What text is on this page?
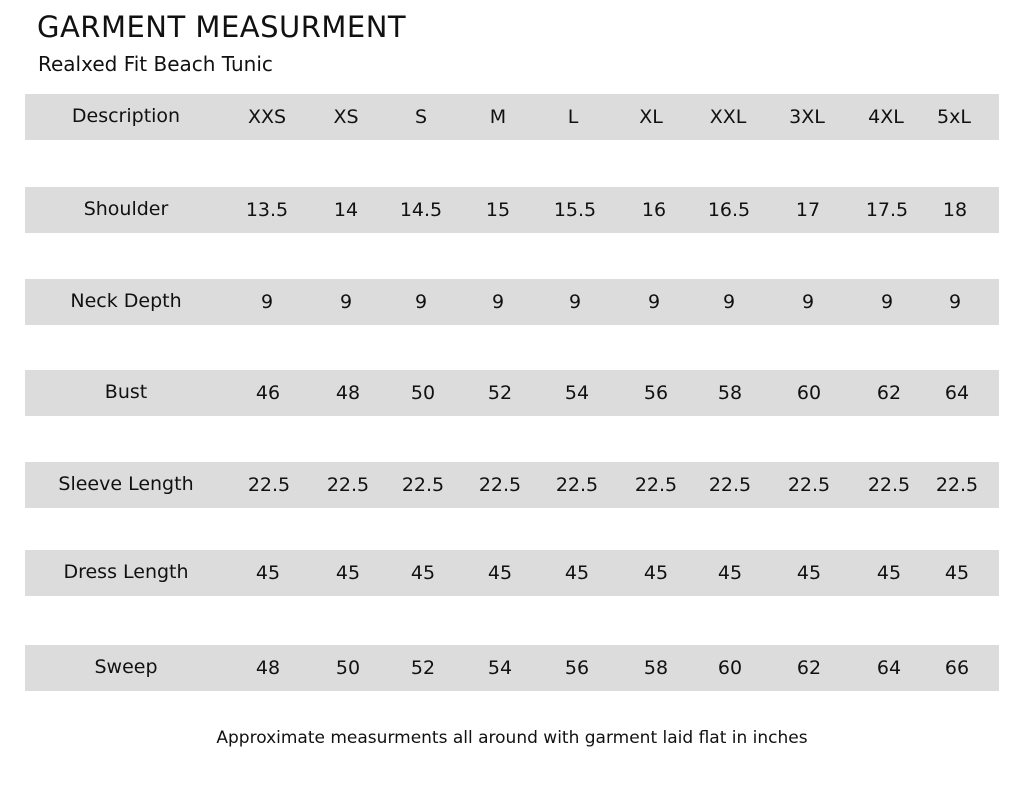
GARMENT MEASURMENT
Realxed Fit Beach Tunic
Description	XXS XS	S	M	L	XL XXL 3XL 4XL 5xL
Shoulder	13.5 14 14.5 15 15.5 16 16.5 17 17.5 18
Neck Depth	9	9	9	9	9	9	9	9	9	9
Bust	46	48	50	52	54	56	58	60	62 64
Sleeve Length	22.5 22.5 22.5 22.5 22.5 22.5 22.5 22.5 22.5 22.5
Dress Length	45	45	45	45	45	45	45	45	45 45
Sweep	48	50	52	54	56	58	60	62	64 66
Approximate measurments all around with garment laid flat in inches
